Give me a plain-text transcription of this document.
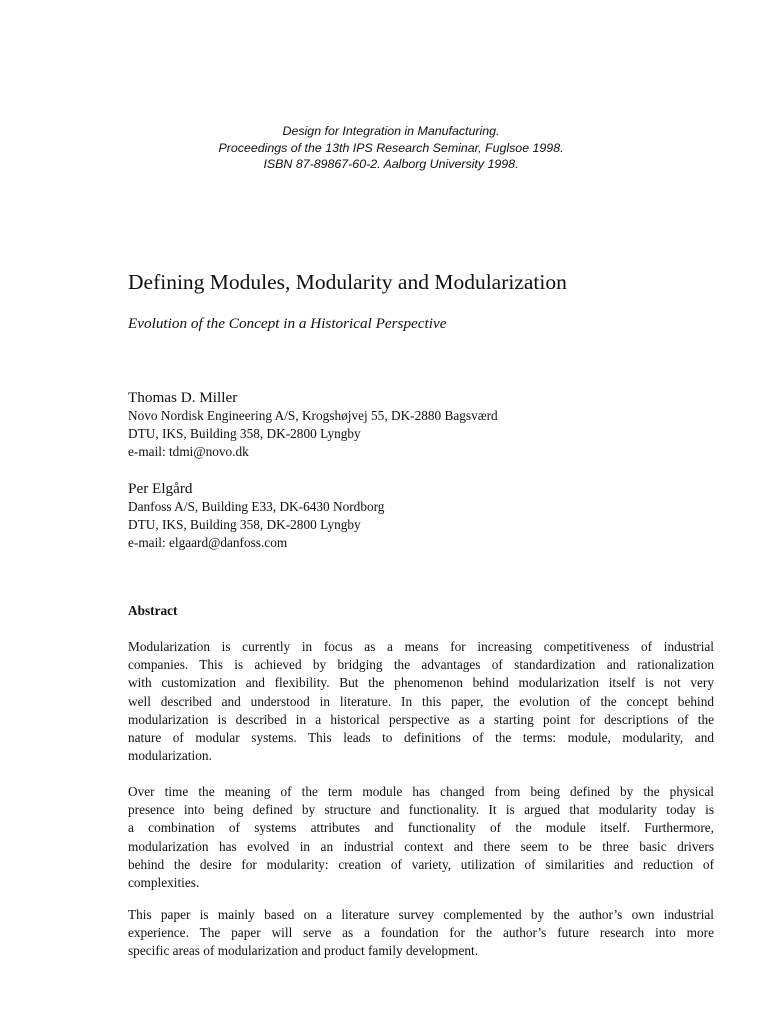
Design for Integration in Manufacturing.
Proceedings of the 13th IPS Research Seminar, Fuglsoe 1998.
ISBN 87-89867-60-2. Aalborg University 1998.
Defining Modules, Modularity and Modularization
Evolution of the Concept in a Historical Perspective
Thomas D. Miller
Novo Nordisk Engineering A/S, Krogshøjvej 55, DK-2880 Bagsværd
DTU, IKS, Building 358, DK-2800 Lyngby
e-mail: tdmi@novo.dk
Per Elgård
Danfoss A/S, Building E33, DK-6430 Nordborg
DTU, IKS, Building 358, DK-2800 Lyngby
e-mail: elgaard@danfoss.com
Abstract
Modularization is currently in focus as a means for increasing competitiveness of industrial
companies. This is achieved by bridging the advantages of standardization and rationalization
with customization and flexibility. But the phenomenon behind modularization itself is not very
well described and understood in literature. In this paper, the evolution of the concept behind
modularization is described in a historical perspective as a starting point for descriptions of the
nature of modular systems. This leads to definitions of the terms: module, modularity, and
modularization.
Over time the meaning of the term module has changed from being defined by the physical
presence into being defined by structure and functionality. It is argued that modularity today is
a combination of systems attributes and functionality of the module itself. Furthermore,
modularization has evolved in an industrial context and there seem to be three basic drivers
behind the desire for modularity: creation of variety, utilization of similarities and reduction of
complexities.
This paper is mainly based on a literature survey complemented by the author’s own industrial
experience. The paper will serve as a foundation for the author’s future research into more
specific areas of modularization and product family development.
